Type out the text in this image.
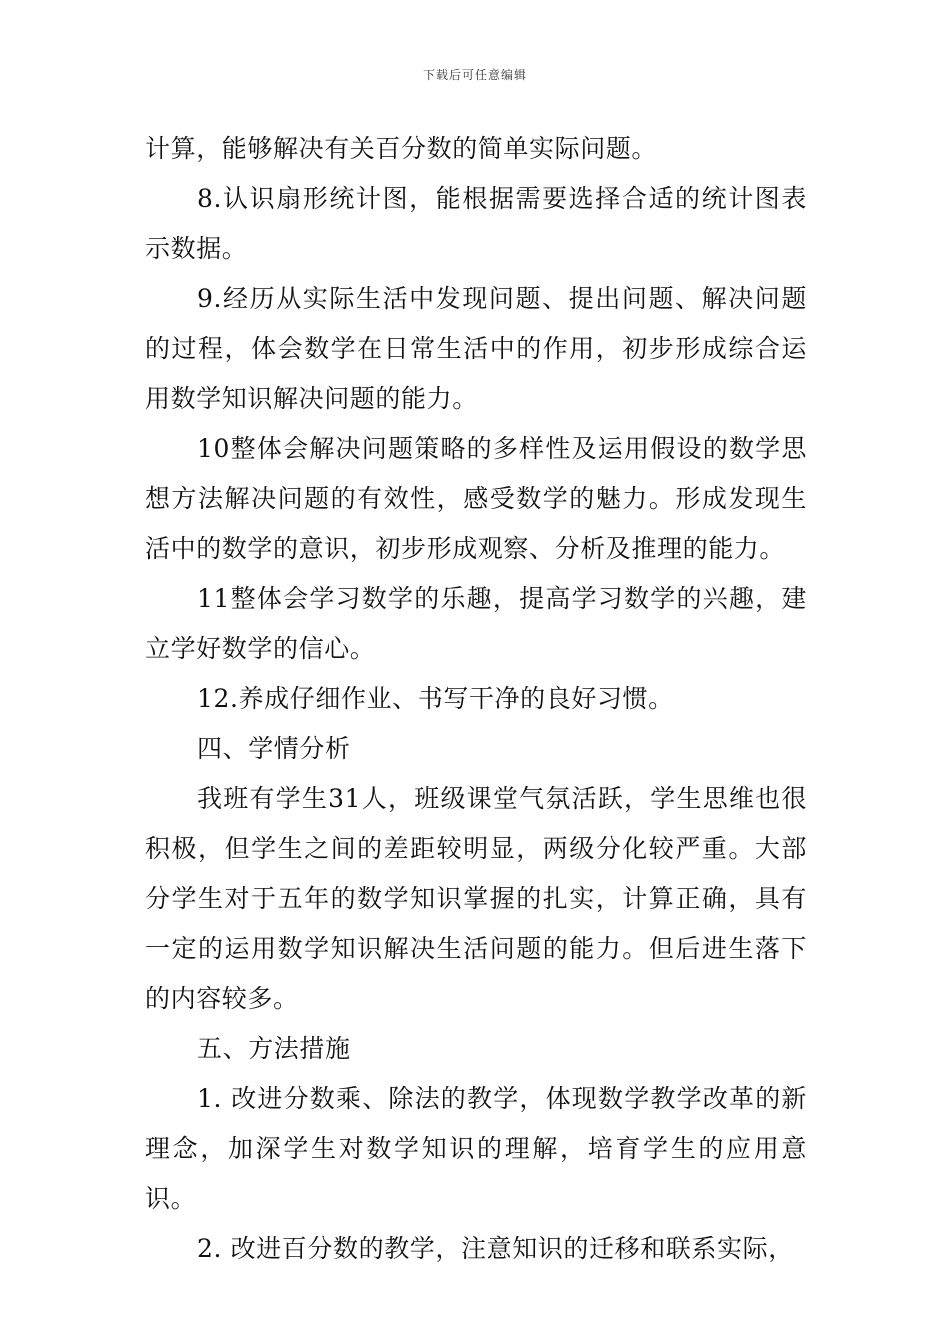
下载后可任意编辑

计算，能够解决有关百分数的简单实际问题。

8.认识扇形统计图，能根据需要选择合适的统计图表示数据。

9.经历从实际生活中发现问题、提出问题、解决问题的过程，体会数学在日常生活中的作用，初步形成综合运用数学知识解决问题的能力。

10整体会解决问题策略的多样性及运用假设的数学思想方法解决问题的有效性，感受数学的魅力。形成发现生活中的数学的意识，初步形成观察、分析及推理的能力。

11整体会学习数学的乐趣，提高学习数学的兴趣，建立学好数学的信心。

12.养成仔细作业、书写干净的良好习惯。

四、学情分析

我班有学生31人，班级课堂气氛活跃，学生思维也很积极，但学生之间的差距较明显，两级分化较严重。大部分学生对于五年的数学知识掌握的扎实，计算正确，具有一定的运用数学知识解决生活问题的能力。但后进生落下的内容较多。

五、方法措施

1. 改进分数乘、除法的教学，体现数学教学改革的新理念，加深学生对数学知识的理解，培育学生的应用意识。

2. 改进百分数的教学，注意知识的迁移和联系实际，
